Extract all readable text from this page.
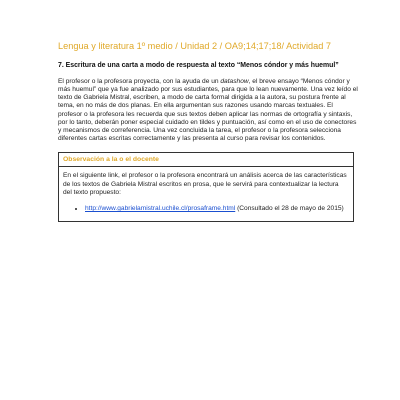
Lengua y literatura 1º medio / Unidad 2 / OA9;14;17;18/ Actividad 7
7. Escritura de una carta a modo de respuesta al texto “Menos cóndor y más huemul”

El profesor o la profesora proyecta, con la ayuda de un datashow, el breve ensayo “Menos cóndor y más huemul” que ya fue analizado por sus estudiantes, para que lo lean nuevamente. Una vez leído el texto de Gabriela Mistral, escriben, a modo de carta formal dirigida a la autora, su postura frente al tema, en no más de dos planas. En ella argumentan sus razones usando marcas textuales. El profesor o la profesora les recuerda que sus textos deben aplicar las normas de ortografía y sintaxis, por lo tanto, deberán poner especial cuidado en tildes y puntuación, así como en el uso de conectores y mecanismos de correferencia. Una vez concluida la tarea, el profesor o la profesora selecciona diferentes cartas escritas correctamente y las presenta al curso para revisar los contenidos.

Observación a la o el docente

En el siguiente link, el profesor o la profesora encontrará un análisis acerca de las características de los textos de Gabriela Mistral escritos en prosa, que le servirá para contextualizar la lectura del texto propuesto:

• http://www.gabrielamistral.uchile.cl/prosaframe.html (Consultado el 28 de mayo de 2015)
